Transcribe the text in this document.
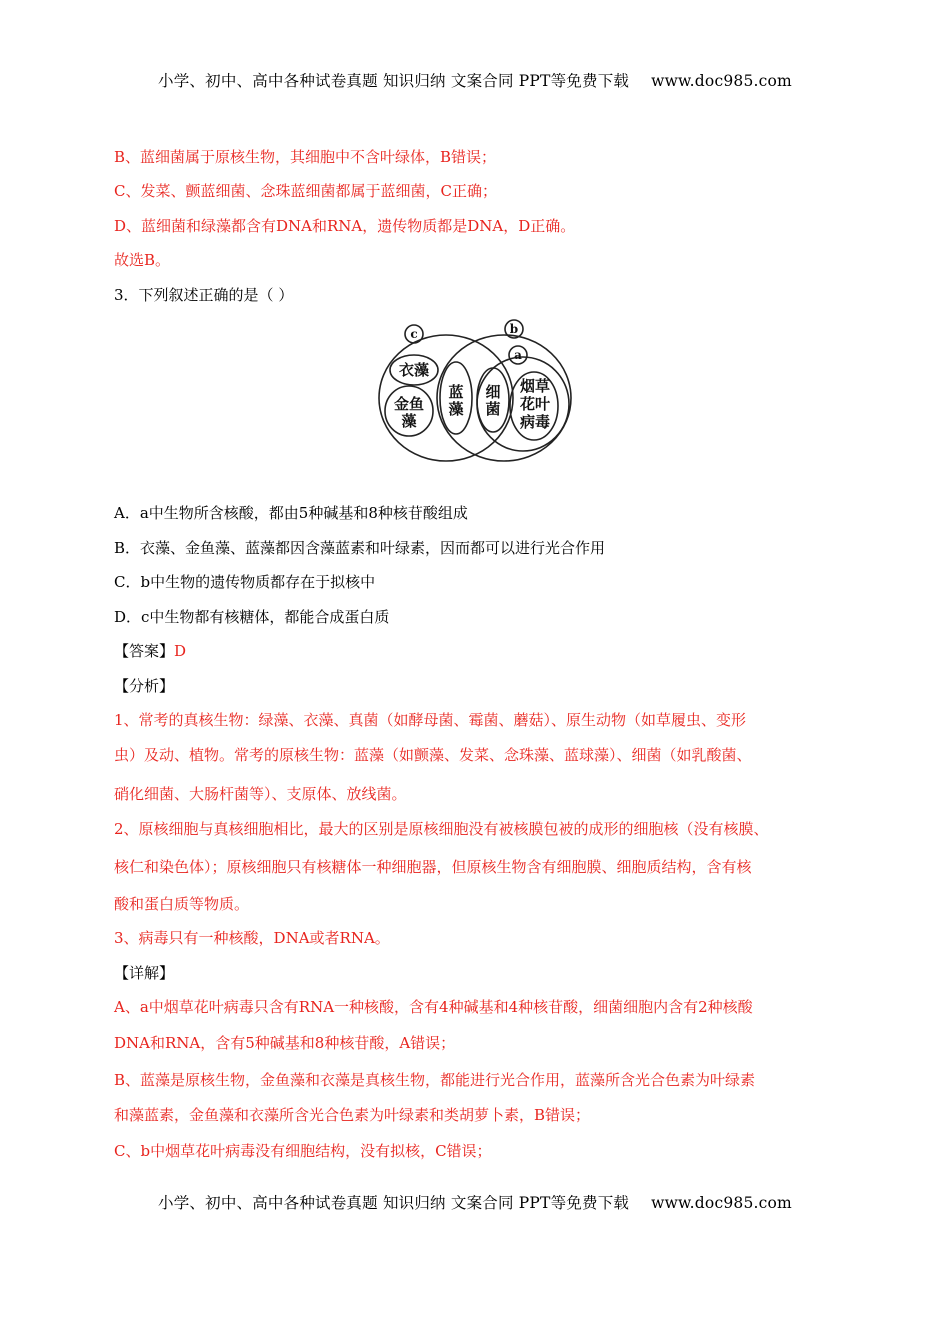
小学、初中、高中各种试卷真题 知识归纳 文案合同 PPT等免费下载 www.doc985.com
B、蓝细菌属于原核生物，其细胞中不含叶绿体，B错误；
C、发菜、颤蓝细菌、念珠蓝细菌都属于蓝细菌，C正确；
D、蓝细菌和绿藻都含有DNA和RNA，遗传物质都是DNA，D正确。
故选B。
3．下列叙述正确的是（ ）
c	b
a
衣藻
金鱼
藻
蓝
藻
细
菌
烟草
花叶
病毒
A．a中生物所含核酸，都由5种碱基和8种核苷酸组成
B．衣藻、金鱼藻、蓝藻都因含藻蓝素和叶绿素，因而都可以进行光合作用
C．b中生物的遗传物质都存在于拟核中
D．c中生物都有核糖体，都能合成蛋白质
【答案】D
【分析】
1、常考的真核生物：绿藻、衣藻、真菌（如酵母菌、霉菌、蘑菇）、原生动物（如草履虫、变形
虫）及动、植物。常考的原核生物：蓝藻（如颤藻、发菜、念珠藻、蓝球藻）、细菌（如乳酸菌、
硝化细菌、大肠杆菌等）、支原体、放线菌。
2、原核细胞与真核细胞相比，最大的区别是原核细胞没有被核膜包被的成形的细胞核（没有核膜、
核仁和染色体）；原核细胞只有核糖体一种细胞器，但原核生物含有细胞膜、细胞质结构，含有核
酸和蛋白质等物质。
3、病毒只有一种核酸，DNA或者RNA。
【详解】
A、a中烟草花叶病毒只含有RNA一种核酸，含有4种碱基和4种核苷酸，细菌细胞内含有2种核酸
DNA和RNA，含有5种碱基和8种核苷酸，A错误；
B、蓝藻是原核生物，金鱼藻和衣藻是真核生物，都能进行光合作用，蓝藻所含光合色素为叶绿素
和藻蓝素，金鱼藻和衣藻所含光合色素为叶绿素和类胡萝卜素，B错误；
C、b中烟草花叶病毒没有细胞结构，没有拟核，C错误；
小学、初中、高中各种试卷真题 知识归纳 文案合同 PPT等免费下载 www.doc985.com
